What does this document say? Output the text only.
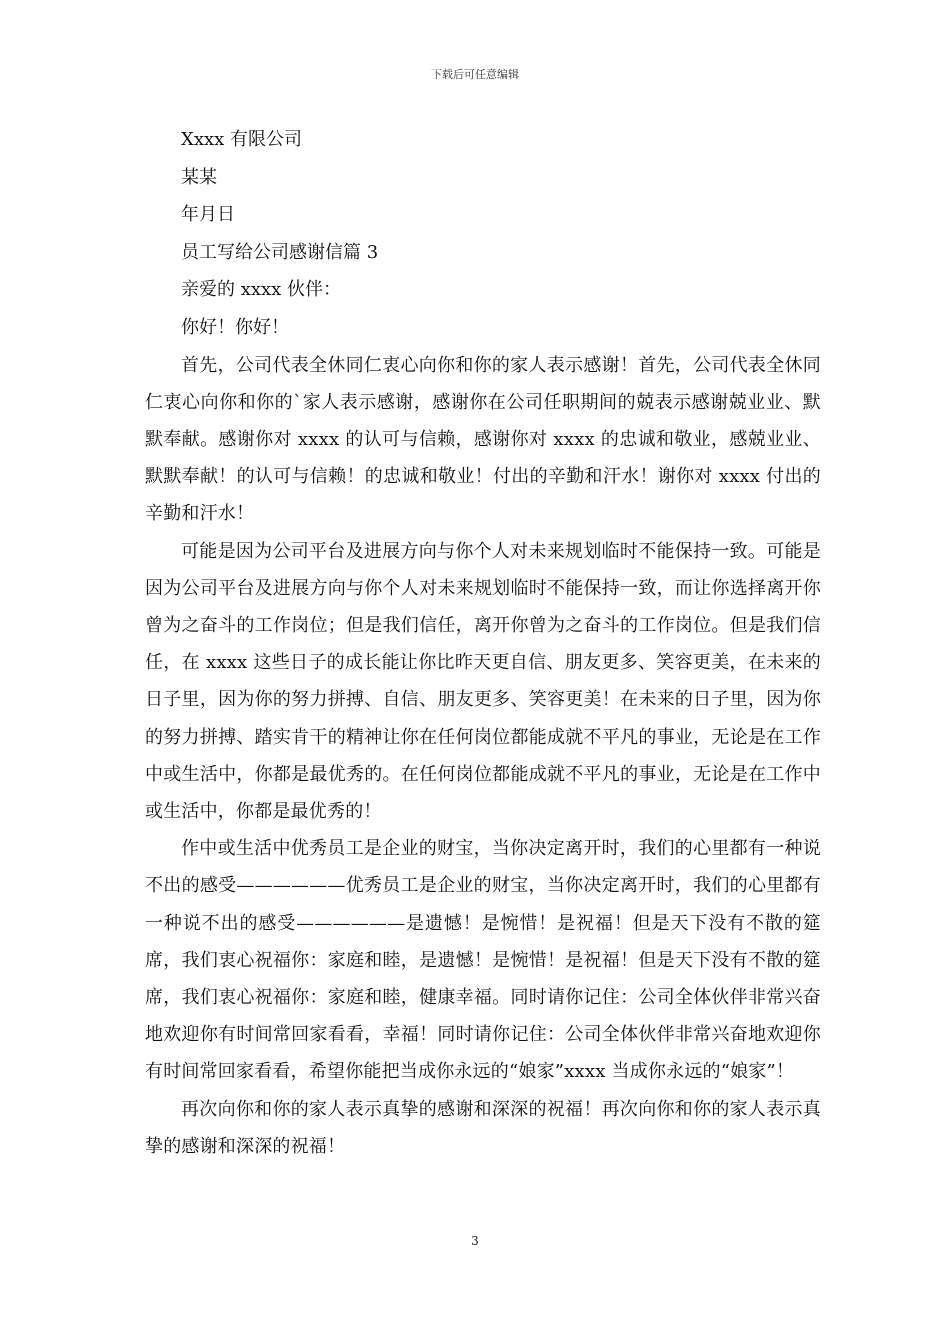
下载后可任意编辑

Xxxx 有限公司

某某

年月日

员工写给公司感谢信篇 3

亲爱的 xxxx 伙伴：

你好！你好！

首先，公司代表全休同仁衷心向你和你的家人表示感谢！首先，公司代表全休同仁衷心向你和你的`家人表示感谢，感谢你在公司任职期间的兢表示感谢兢业业、默默奉献。感谢你对 xxxx 的认可与信赖，感谢你对 xxxx 的忠诚和敬业，感兢业业、默默奉献！的认可与信赖！的忠诚和敬业！付出的辛勤和汗水！谢你对 xxxx 付出的辛勤和汗水！

可能是因为公司平台及进展方向与你个人对未来规划临时不能保持一致。可能是因为公司平台及进展方向与你个人对未来规划临时不能保持一致，而让你选择离开你曾为之奋斗的工作岗位；但是我们信任，离开你曾为之奋斗的工作岗位。但是我们信任，在 xxxx 这些日子的成长能让你比昨天更自信、朋友更多、笑容更美，在未来的日子里，因为你的努力拼搏、自信、朋友更多、笑容更美！在未来的日子里，因为你的努力拼搏、踏实肯干的精神让你在任何岗位都能成就不平凡的事业，无论是在工作中或生活中，你都是最优秀的。在任何岗位都能成就不平凡的事业，无论是在工作中或生活中，你都是最优秀的！

作中或生活中优秀员工是企业的财宝，当你决定离开时，我们的心里都有一种说不出的感受——————优秀员工是企业的财宝，当你决定离开时，我们的心里都有一种说不出的感受——————是遗憾！是惋惜！是祝福！但是天下没有不散的筵席，我们衷心祝福你：家庭和睦，是遗憾！是惋惜！是祝福！但是天下没有不散的筵席，我们衷心祝福你：家庭和睦，健康幸福。同时请你记住：公司全体伙伴非常兴奋地欢迎你有时间常回家看看，幸福！同时请你记住：公司全体伙伴非常兴奋地欢迎你有时间常回家看看，希望你能把当成你永远的“娘家”xxxx 当成你永远的“娘家”！

再次向你和你的家人表示真挚的感谢和深深的祝福！再次向你和你的家人表示真挚的感谢和深深的祝福！

3
